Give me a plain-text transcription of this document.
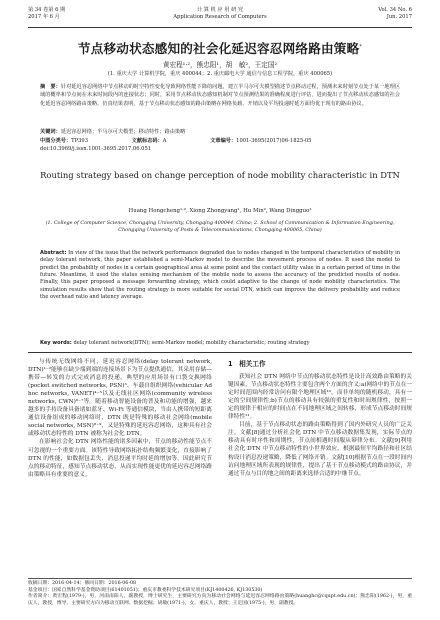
第 34 卷第 6 期
2017 年 6 月
计 算 机 应 用 研 究
Application Research of Computers
Vol. 34 No. 6
Jun. 2017
节点移动状态感知的社会化延迟容忍网络路由策略*
黄宏程¹·²，熊忠阳¹，胡　敏²，王定国²
(1. 重庆大学 计算机学院，重庆 400044；2. 重庆邮电大学 通信与信息工程学院，重庆 400065)
摘　要：针对延迟容忍网络中节点移动的时空特性变化导致网络性能下降的问题，建立半马尔可夫模型描述节点移动过程，预测未来时刻节点处于某一地理区域的概率和节点间在未来时间段内的连接状态；同时，采用节点移动状态感知机制对节点预测结果的准确程度进行评估，进而提出了节点移动状态感知的社会化延迟容忍网络路由策略。仿真结果表明，基于节点移动状态感知的路由策略在网络负载、开销以及平均投递时延方面均优于现有的路由协议。
关键词：延迟容忍网络；半马尔可夫模型；移动特性；路由策略
中图分类号：TP393	文献标志码：A	文章编号：1001-3695(2017)06-1825-05
doi:10.3969/j.issn.1001-3695.2017.06.051
Routing strategy based on change perception of node mobility characteristic in DTN
Huang Hongcheng¹·², Xiong Zhongyang¹, Hu Min², Wang Dingguo²
(1. College of Computer Science, Chongqing University, Chongqing 400044, China; 2. School of Communication & Information Engineering, Chongqing University of Posts & Telecommunications, Chongqing 400065, China)
Abstract: In view of the issue that the network performance degraded due to nodes changed in the temporal characteristics of mobility in delay tolerant network, this paper established a semi-Markov model to describe the movement process of nodes. It used the model to predict the probability of nodes in a certain geographical area at some point and the contact utility value in a certain period of time in the future. Meantime, it used the status sensing mechanism of the mobile node to assess the accuracy of the predicted results of nodes. Finally, this paper proposed a message forwarding strategy, which could adaptive to the change of node mobility characteristics. The simulation results show that the routing strategy is more suitable for social DTN, which can improve the delivery probability and reduce the overhead ratio and latency average.
Key words: delay tolerant network(DTN); semi-Markov model; mobility characteristic; routing strategy

与传统无线网络不同，延迟容忍网络(delay tolerant network, DTN)¹⁻²能够在缺少端到端的连接场景下为节点提供通信，其采用存储—携带—转发的方式完成消息的投递。典型的应用场景有口袋交换网络(pocket switched networks, PSN)³、车载自组织网络(vehicular Ad hoc networks, VANET)⁴⁻⁵以及无线社区网络(community wireless networks, CWN)⁶⁻⁷等。随着移动智能设备的普及和功能的增强，越来越多的手持设备具备诸如蓝牙、Wi-Fi 等通信模块，当由人携带的短距离通信设备组成的移动网络时，DTN 既是特殊的移动社会网络(mobile social networks, MSN)⁸⁻⁹，又是特殊的延迟容忍网络，这种具有社会或移动状态特性的 DTN 被称为社会化 DTN。

在影响社会化 DTN 网络性能的诸多因素中，节点的移动性能节点不可忽视的一个重要方面。该特性导致网络拓扑结构频繁变化，直接影响了 DTN 的性能，如数据包丢失、消息投递平均时延的增加等。因此研究节点的移动特征，感知节点移动状态，从而实现性能更优的延迟容忍网络路由策略具有重要的意义。

1　相关工作

获知社会 DTN 网络中节点的移动状态特性是设计高效路由策略的关键因素。节点移动状态特性主要包含两个方面的含义:a)网络中的节点在一定时间范围内经常访问有限个地理区域¹⁰，而非单纯的随机移动，具有一定的空间规律性;b)节点的移动具有较强的重复性和时间规律性，按照一定的规律于相应的时间点在不同地理区域之间转移，形成节点移动时间规律特性¹¹。

目前，基于节点移动状态的路由策略得到了国内外研究人员的广泛关注。文献[8]通过分析社会化 DTN 中节点移动数据集发现，实际节点的移动具有时序性和周期性，节点间相遇时间服从幂律分布。文献[9]利用社会化 DTN 中节点移动特性的小世界效应，根据最短平均路径和社区结构设计消息投递策略，降低了网络开销。文献[10]根据节点在一段时间内访问地理区域所表现的规律性，提出了基于节点移动模式的路由协议，并通过节点与目的地之间的距离来选择合适的中继节点。

收稿日期：2016-04-14；修回日期：2016-06-08
基金项目：国家自然科学基金资助项目(61401051)；重庆市教委科学技术研究项目(KJ1400426, KJ130530)
作者简介：黄宏程(1979-)，男，河南南阳人，副教授，博士研究生，主要研究方向为移动社会网络与延迟容忍网络路由策略(huanghc@cqupt.edu.cn)；熊忠阳(1962-)，男，重庆人，教授，博导，主要研究方向为移动互联网、数据挖掘；胡敏(1971-)，女，重庆人，教授；王定国(1975-)，男，副教授。
